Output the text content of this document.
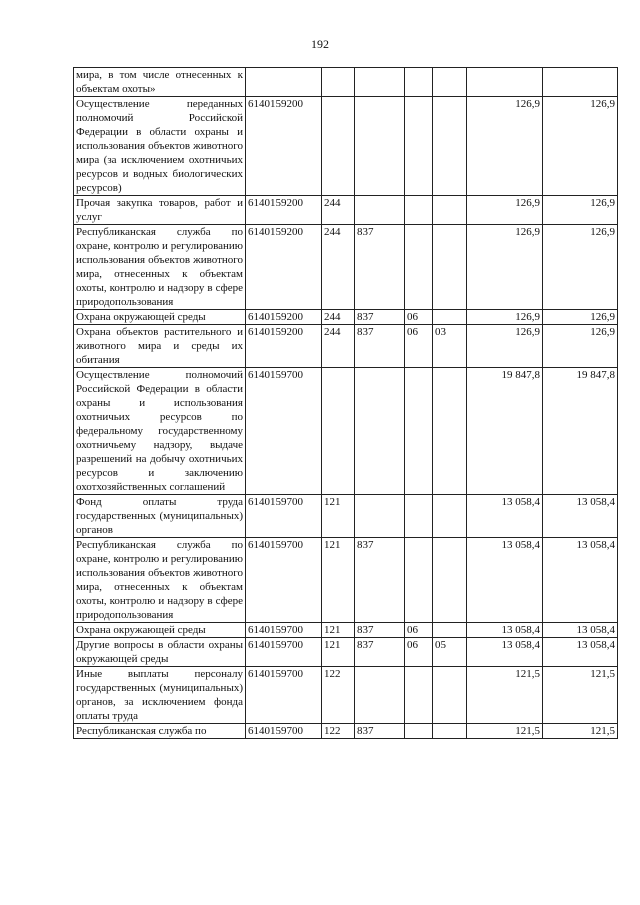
192
мира, в том числе отнесенных к объектам охоты»							
Осуществление переданных полномочий Российской Федерации в области охраны и использования объектов животного мира (за исключением охотничьих ресурсов и водных биологических ресурсов)	6140159200					126,9	126,9
Прочая закупка товаров, работ и услуг	6140159200	244				126,9	126,9
Республиканская служба по охране, контролю и регулированию использования объектов животного мира, отнесенных к объектам охоты, контролю и надзору в сфере природопользования	6140159200	244	837			126,9	126,9
Охрана окружающей среды	6140159200	244	837	06		126,9	126,9
Охрана объектов растительного и животного мира и среды их обитания	6140159200	244	837	06	03	126,9	126,9
Осуществление полномочий Российской Федерации в области охраны и использования охотничьих ресурсов по федеральному государственному охотничьему надзору, выдаче разрешений на добычу охотничьих ресурсов и заключению охотхозяйственных соглашений	6140159700					19 847,8	19 847,8
Фонд оплаты труда государственных (муниципальных) органов	6140159700	121				13 058,4	13 058,4
Республиканская служба по охране, контролю и регулированию использования объектов животного мира, отнесенных к объектам охоты, контролю и надзору в сфере природопользования	6140159700	121	837			13 058,4	13 058,4
Охрана окружающей среды	6140159700	121	837	06		13 058,4	13 058,4
Другие вопросы в области охраны окружающей среды	6140159700	121	837	06	05	13 058,4	13 058,4
Иные выплаты персоналу государственных (муниципальных) органов, за исключением фонда оплаты труда	6140159700	122				121,5	121,5
Республиканская служба по	6140159700	122	837			121,5	121,5
